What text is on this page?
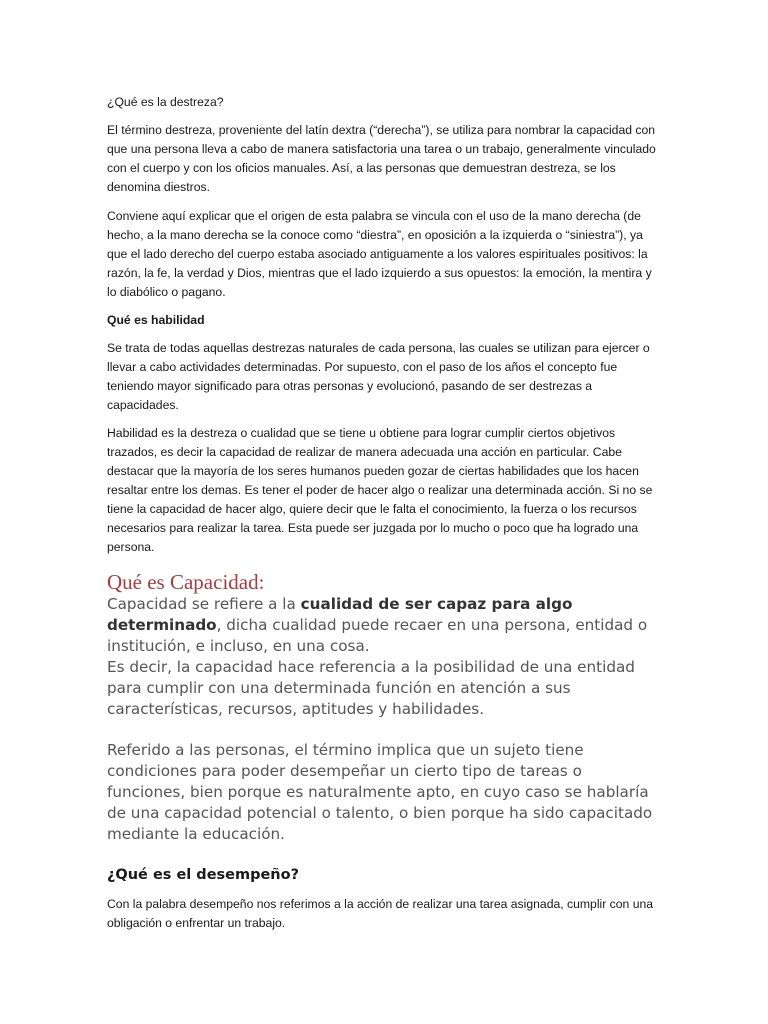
¿Qué es la destreza?

El término destreza, proveniente del latín dextra (“derecha”), se utiliza para nombrar la capacidad con que una persona lleva a cabo de manera satisfactoria una tarea o un trabajo, generalmente vinculado con el cuerpo y con los oficios manuales. Así, a las personas que demuestran destreza, se los denomina diestros.

Conviene aquí explicar que el origen de esta palabra se vincula con el uso de la mano derecha (de hecho, a la mano derecha se la conoce como “diestra”, en oposición a la izquierda o “siniestra”), ya que el lado derecho del cuerpo estaba asociado antiguamente a los valores espirituales positivos: la razón, la fe, la verdad y Dios, mientras que el lado izquierdo a sus opuestos: la emoción, la mentira y lo diabólico o pagano.

Qué es habilidad

Se trata de todas aquellas destrezas naturales de cada persona, las cuales se utilizan para ejercer o llevar a cabo actividades determinadas. Por supuesto, con el paso de los años el concepto fue teniendo mayor significado para otras personas y evolucionó, pasando de ser destrezas a capacidades.

Habilidad es la destreza o cualidad que se tiene u obtiene para lograr cumplir ciertos objetivos trazados, es decir la capacidad de realizar de manera adecuada una acción en particular. Cabe destacar que la mayoría de los seres humanos pueden gozar de ciertas habilidades que los hacen resaltar entre los demas. Es tener el poder de hacer algo o realizar una determinada acción. Si no se tiene la capacidad de hacer algo, quiere decir que le falta el conocimiento, la fuerza o los recursos necesarios para realizar la tarea. Esta puede ser juzgada por lo mucho o poco que ha logrado una persona.

Qué es Capacidad:

Capacidad se refiere a la cualidad de ser capaz para algo determinado, dicha cualidad puede recaer en una persona, entidad o institución, e incluso, en una cosa.

Es decir, la capacidad hace referencia a la posibilidad de una entidad para cumplir con una determinada función en atención a sus características, recursos, aptitudes y habilidades.

Referido a las personas, el término implica que un sujeto tiene condiciones para poder desempeñar un cierto tipo de tareas o funciones, bien porque es naturalmente apto, en cuyo caso se hablaría de una capacidad potencial o talento, o bien porque ha sido capacitado mediante la educación.

¿Qué es el desempeño?

Con la palabra desempeño nos referimos a la acción de realizar una tarea asignada, cumplir con una obligación o enfrentar un trabajo.
